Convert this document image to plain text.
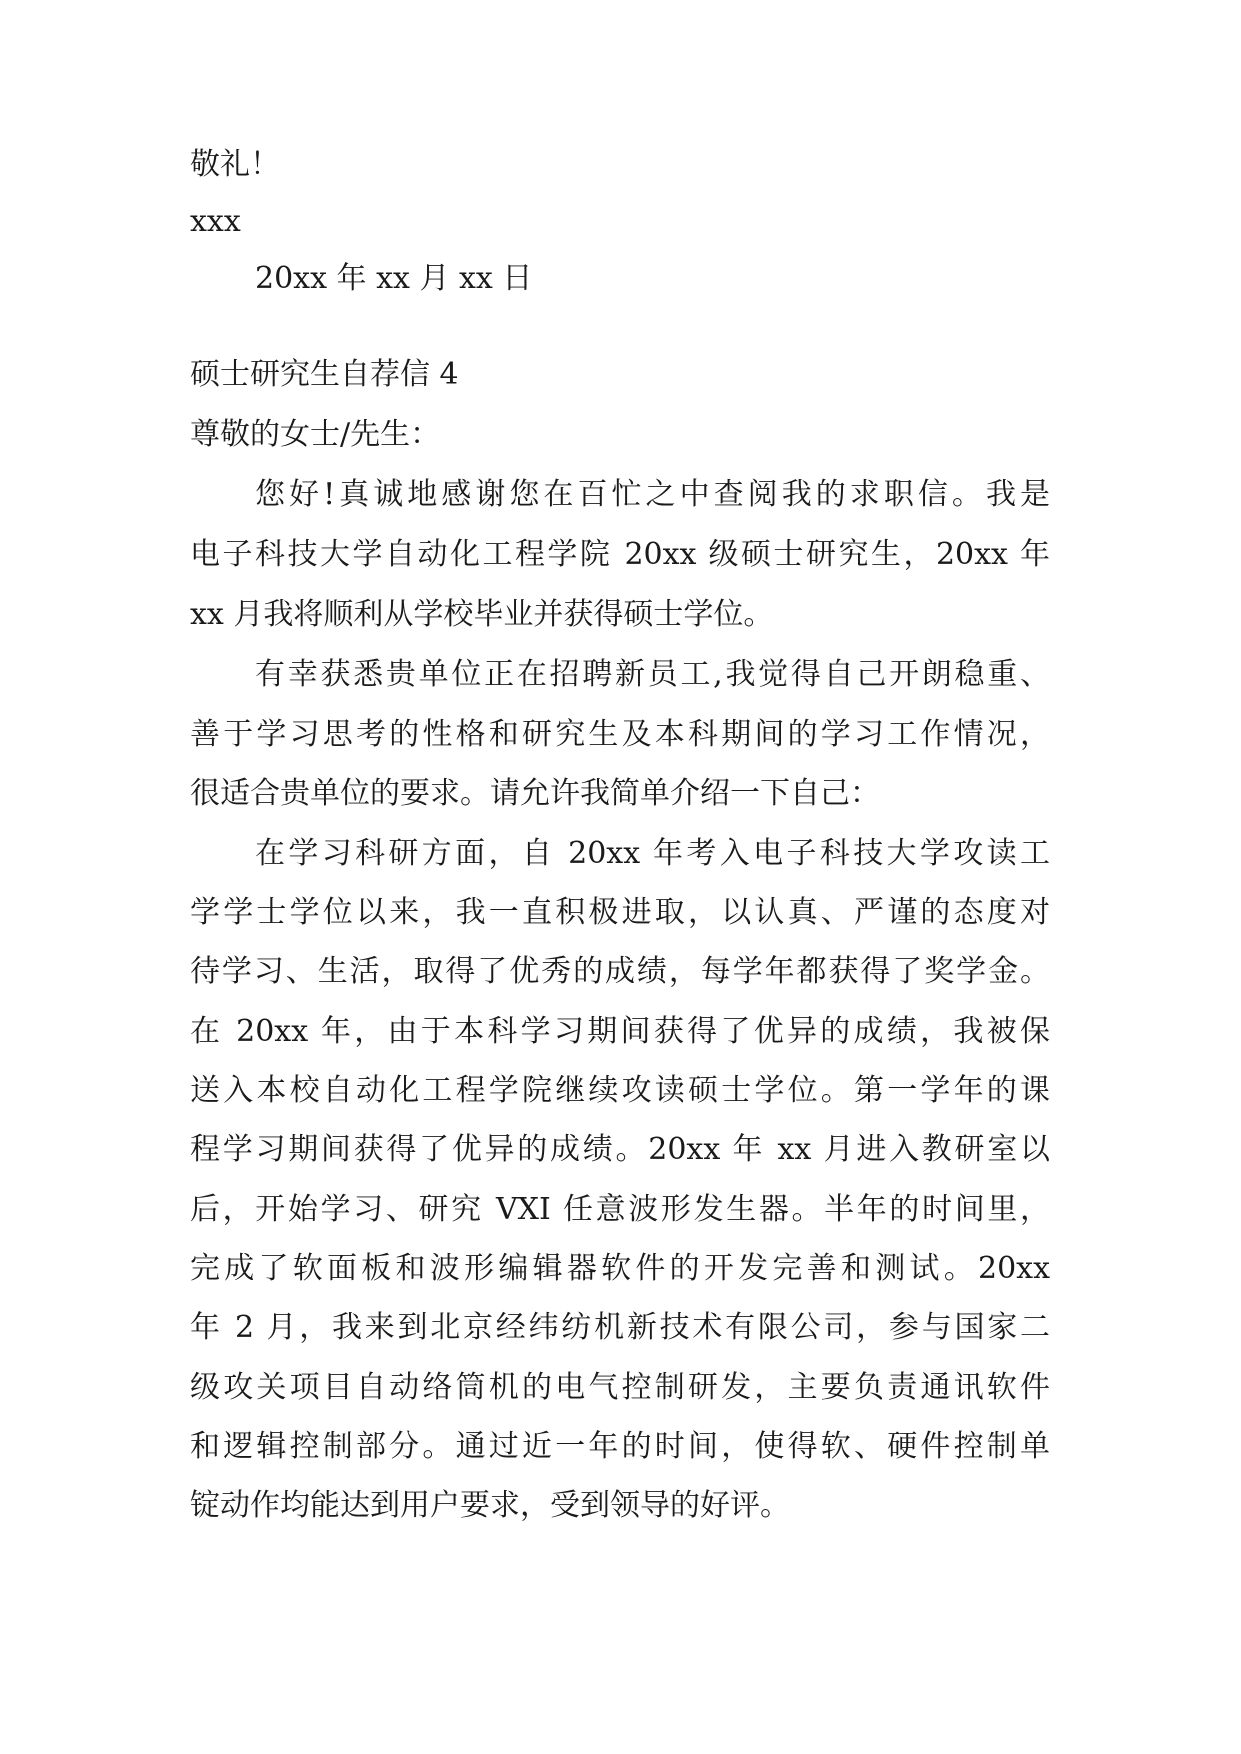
敬礼！
xxx
20xx 年 xx 月 xx 日
硕士研究生自荐信 4
尊敬的女士/先生：
您好!真诚地感谢您在百忙之中查阅我的求职信。我是
电子科技大学自动化工程学院 20xx 级硕士研究生，20xx 年
xx 月我将顺利从学校毕业并获得硕士学位。
有幸获悉贵单位正在招聘新员工,我觉得自己开朗稳重、
善于学习思考的性格和研究生及本科期间的学习工作情况，
很适合贵单位的要求。请允许我简单介绍一下自己：
在学习科研方面，自 20xx 年考入电子科技大学攻读工
学学士学位以来，我一直积极进取，以认真、严谨的态度对
待学习、生活，取得了优秀的成绩，每学年都获得了奖学金。
在 20xx 年，由于本科学习期间获得了优异的成绩，我被保
送入本校自动化工程学院继续攻读硕士学位。第一学年的课
程学习期间获得了优异的成绩。20xx 年 xx 月进入教研室以
后，开始学习、研究 VXI 任意波形发生器。半年的时间里，
完成了软面板和波形编辑器软件的开发完善和测试。20xx
年 2 月，我来到北京经纬纺机新技术有限公司，参与国家二
级攻关项目自动络筒机的电气控制研发，主要负责通讯软件
和逻辑控制部分。通过近一年的时间，使得软、硬件控制单
锭动作均能达到用户要求，受到领导的好评。
